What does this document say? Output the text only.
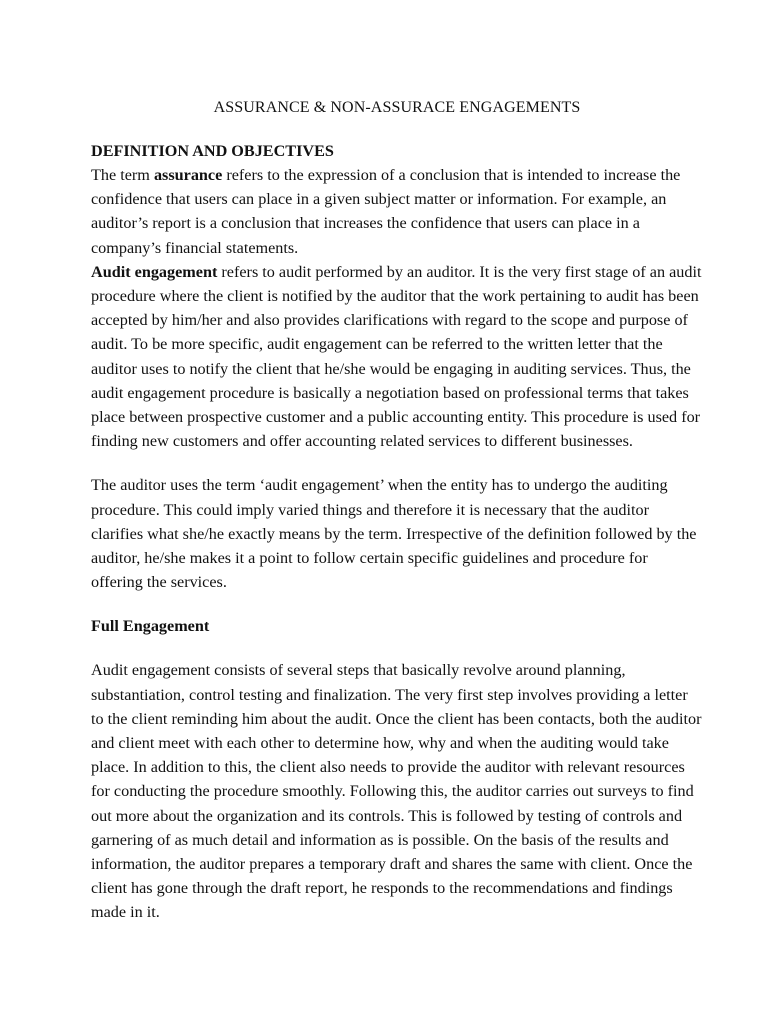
ASSURANCE & NON-ASSURACE ENGAGEMENTS
DEFINITION AND OBJECTIVES

The term assurance refers to the expression of a conclusion that is intended to increase the confidence that users can place in a given subject matter or information. For example, an auditor’s report is a conclusion that increases the confidence that users can place in a company’s financial statements.

Audit engagement refers to audit performed by an auditor. It is the very first stage of an audit procedure where the client is notified by the auditor that the work pertaining to audit has been accepted by him/her and also provides clarifications with regard to the scope and purpose of audit. To be more specific, audit engagement can be referred to the written letter that the auditor uses to notify the client that he/she would be engaging in auditing services. Thus, the audit engagement procedure is basically a negotiation based on professional terms that takes place between prospective customer and a public accounting entity. This procedure is used for finding new customers and offer accounting related services to different businesses.

The auditor uses the term ‘audit engagement’ when the entity has to undergo the auditing procedure. This could imply varied things and therefore it is necessary that the auditor clarifies what she/he exactly means by the term. Irrespective of the definition followed by the auditor, he/she makes it a point to follow certain specific guidelines and procedure for offering the services.

Full Engagement

Audit engagement consists of several steps that basically revolve around planning, substantiation, control testing and finalization. The very first step involves providing a letter to the client reminding him about the audit. Once the client has been contacts, both the auditor and client meet with each other to determine how, why and when the auditing would take place. In addition to this, the client also needs to provide the auditor with relevant resources for conducting the procedure smoothly. Following this, the auditor carries out surveys to find out more about the organization and its controls. This is followed by testing of controls and garnering of as much detail and information as is possible. On the basis of the results and information, the auditor prepares a temporary draft and shares the same with client. Once the client has gone through the draft report, he responds to the recommendations and findings made in it.
